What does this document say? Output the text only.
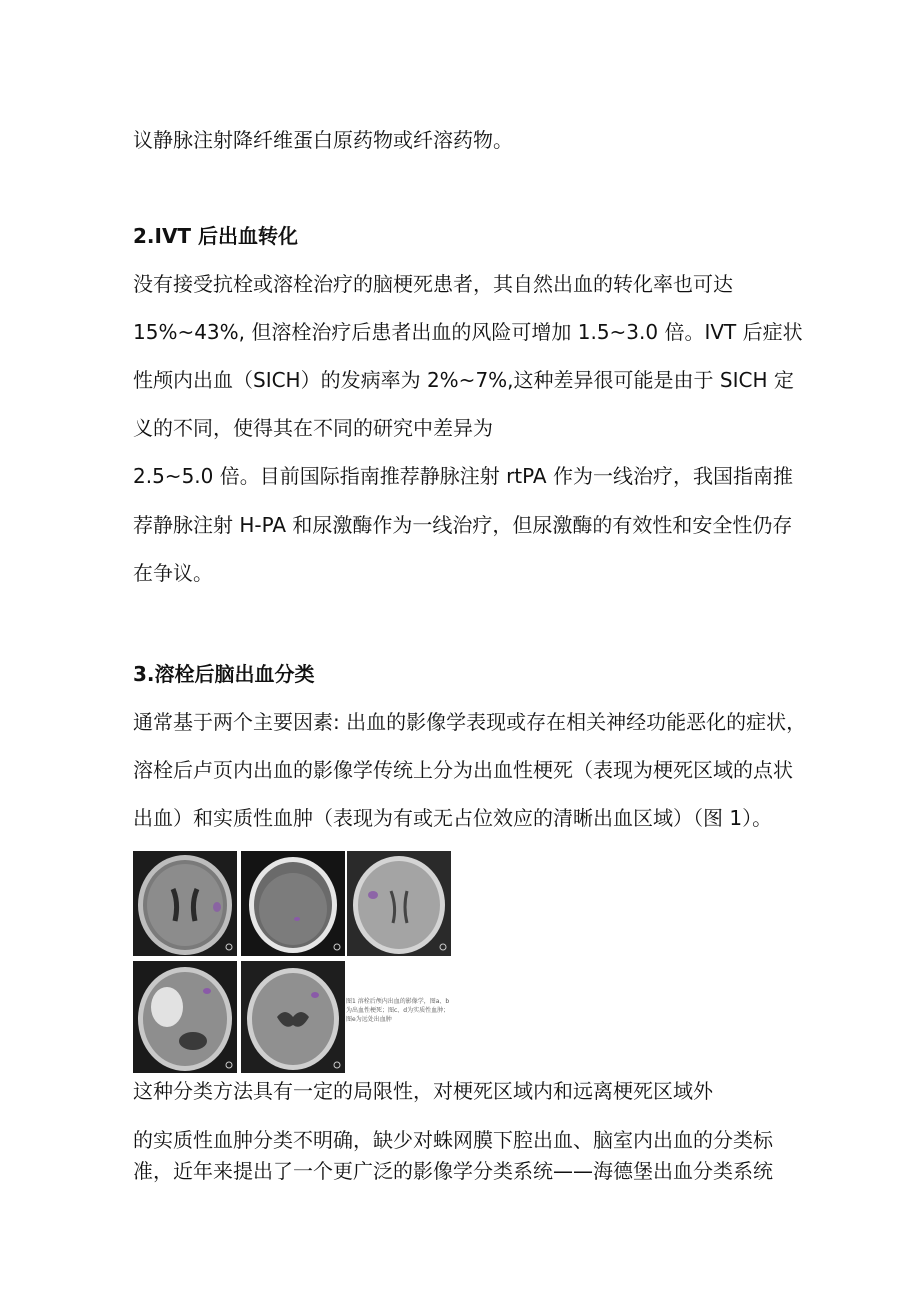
议静脉注射降纤维蛋白原药物或纤溶药物。
2.IVT 后出血转化
没有接受抗栓或溶栓治疗的脑梗死患者，其自然出血的转化率也可达
15%~43%, 但溶栓治疗后患者出血的风险可增加 1.5~3.0 倍。IVT 后症状
性颅内出血（SICH）的发病率为 2%~7%,这种差异很可能是由于 SICH 定
义的不同，使得其在不同的研究中差异为
2.5~5.0 倍。目前国际指南推荐静脉注射 rtPA 作为一线治疗，我国指南推
荐静脉注射 H-PA 和尿激酶作为一线治疗，但尿激酶的有效性和安全性仍存
在争议。
3.溶栓后脑出血分类
通常基于两个主要因素: 出血的影像学表现或存在相关神经功能恶化的症状，
溶栓后卢页内出血的影像学传统上分为出血性梗死（表现为梗死区域的点状
出血）和实质性血肿（表现为有或无占位效应的清晰出血区域）（图 1）。
图1 溶栓后颅内出血的影像学，图a、b为出血性梗死；图c、d为实质性血肿；图e为远处出血肿
这种分类方法具有一定的局限性，对梗死区域内和远离梗死区域外
的实质性血肿分类不明确，缺少对蛛网膜下腔出血、脑室内出血的分类标
准，近年来提出了一个更广泛的影像学分类系统——海德堡出血分类系统
